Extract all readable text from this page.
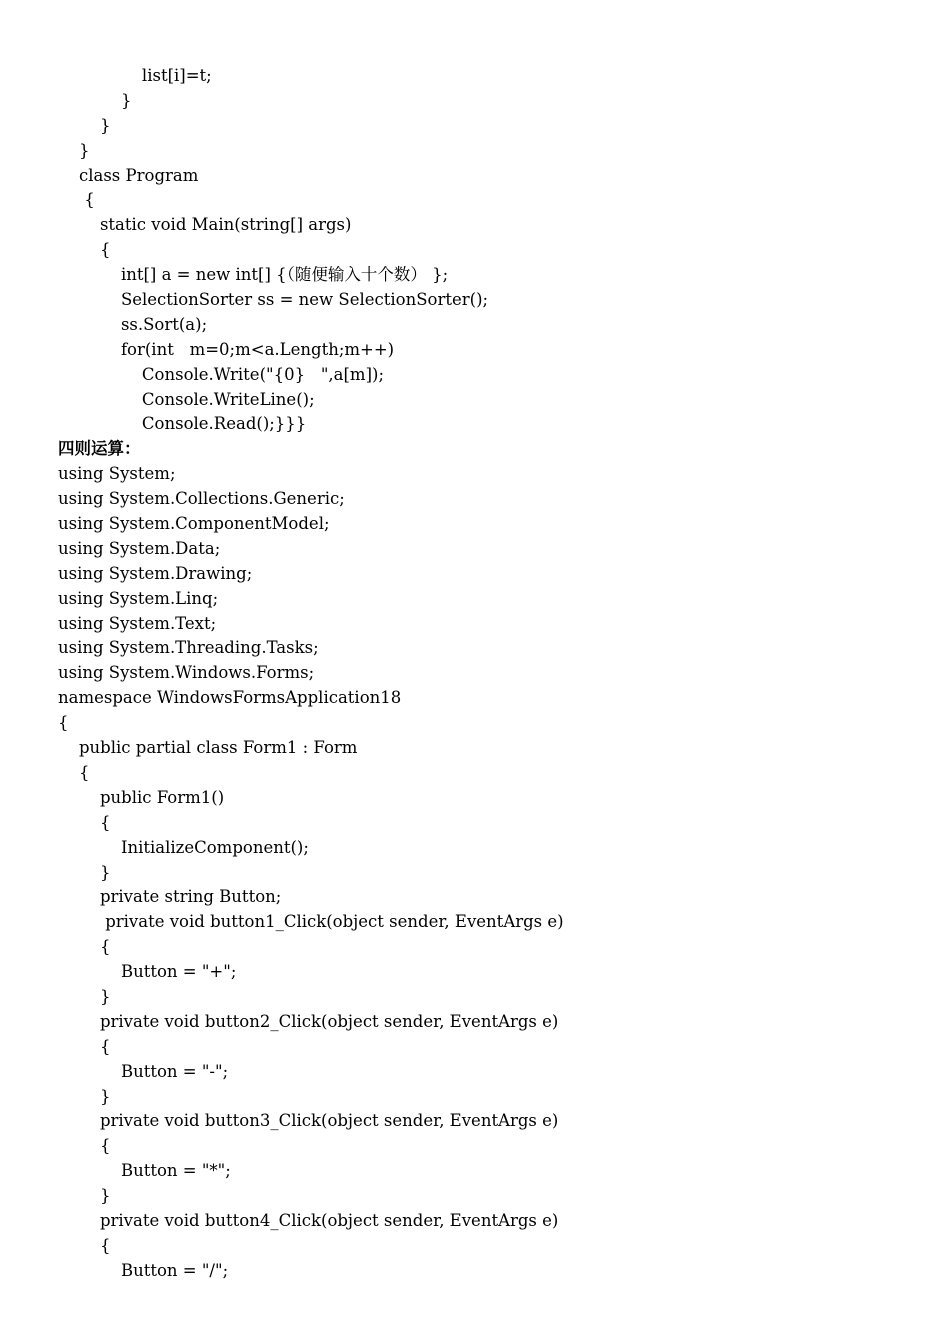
list[i]=t;
}
}
}
class Program
{
static void Main(string[] args)
{
int[] a = new int[] {（随便输入十个数） };
SelectionSorter ss = new SelectionSorter();
ss.Sort(a);
for(int   m=0;m<a.Length;m++)
Console.Write("{0}   ",a[m]);
Console.WriteLine();
Console.Read();}}}
四则运算：
using System;
using System.Collections.Generic;
using System.ComponentModel;
using System.Data;
using System.Drawing;
using System.Linq;
using System.Text;
using System.Threading.Tasks;
using System.Windows.Forms;
namespace WindowsFormsApplication18
{
public partial class Form1 : Form
{
public Form1()
{
InitializeComponent();
}
private string Button;
private void button1_Click(object sender, EventArgs e)
{
Button = "+";
}
private void button2_Click(object sender, EventArgs e)
{
Button = "-";
}
private void button3_Click(object sender, EventArgs e)
{
Button = "*";
}
private void button4_Click(object sender, EventArgs e)
{
Button = "/";
